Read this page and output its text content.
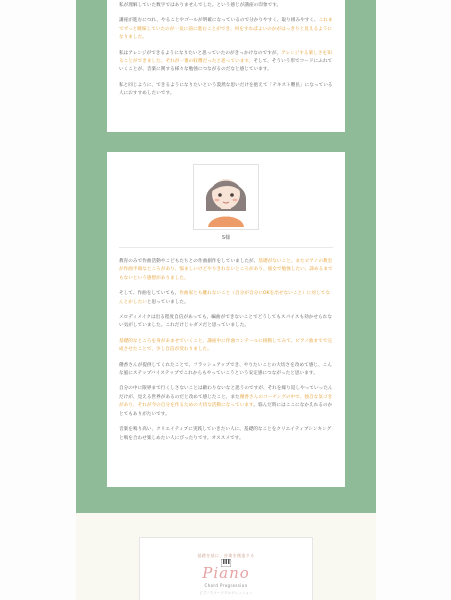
私が理解していた数字ではありませんでした。という感じが講座の印象です。

講座が進むにつれ、やることやゴールが明確になっているので分かりやすく、取り組みやすく、これまでずっと曖昧していたのが一気に前に進むことができ、何をすればよいのかがはっきりと見えるようになりました。

私はアレンジができるようになりたいと思っていたのがきっかけなのですが、アレンジする楽しさを知ることができました。それが一番の収穫だったと思っています。そして、そういう形でコードにふれていくことが、音楽に関する様々な勉強につながるのだなと感じています。

私と同じように、できるようになりたいという漠然な思いだけを抱えて「テキスト難民」になっている人におすすめしたいです。

S様

教育のみで作曲活動やこどもたちとの作曲創作をしていましたが、基礎がないこと、またピアノの教室が作曲半端なところがあり、悩ましいけどやりきれないところがあり、彼女で勉強したい、諦めるまでもないという感想がありました。

そして、作曲をしていても、作曲家とも離れないこと（自分が自分にOKを出せないこと）に対してなんとかしたいと思っていました。

メロディメイクは出る程度自信があっても、編曲ができないことでどうしてもスパイスも効かせられない気がしていました。これだけじゃダメだと思っていました。

基礎的なところを身があませていくこと、講座中に作曲コンテールに挑戦してみて、ピアノ曲までで完成させたことで、少し自信が変わりました。

優香さんが提供してくれたことで、フラッシュアップでき、やりたいことの大切さを改めて感じ、こんな風にステップバイステップでこれからもやっていこうという安定感につながったと思います。

自分の中に限界まで行くしさないことは敵わりないなと思うのですが、それを繰り返しやっていったんだけが、見える世界があるのだと改めて感じたこと、また優香さんのコーチングの中で、独自な気づきがあり、それが今の自分を作るための大切な活動になっています。悩んだ時にはここになかえれるのかとてもありがたいです。

音楽を鳴り高い、クリエイティブに実践していきたい人に、基礎的なことをクリエイティブシンキングと鳴を合わせ楽しめたい人にぴったりです。オススメです。

基礎を基に、音楽を創造する
Piano
Chord Progression
ピアノでコードプログレッション
